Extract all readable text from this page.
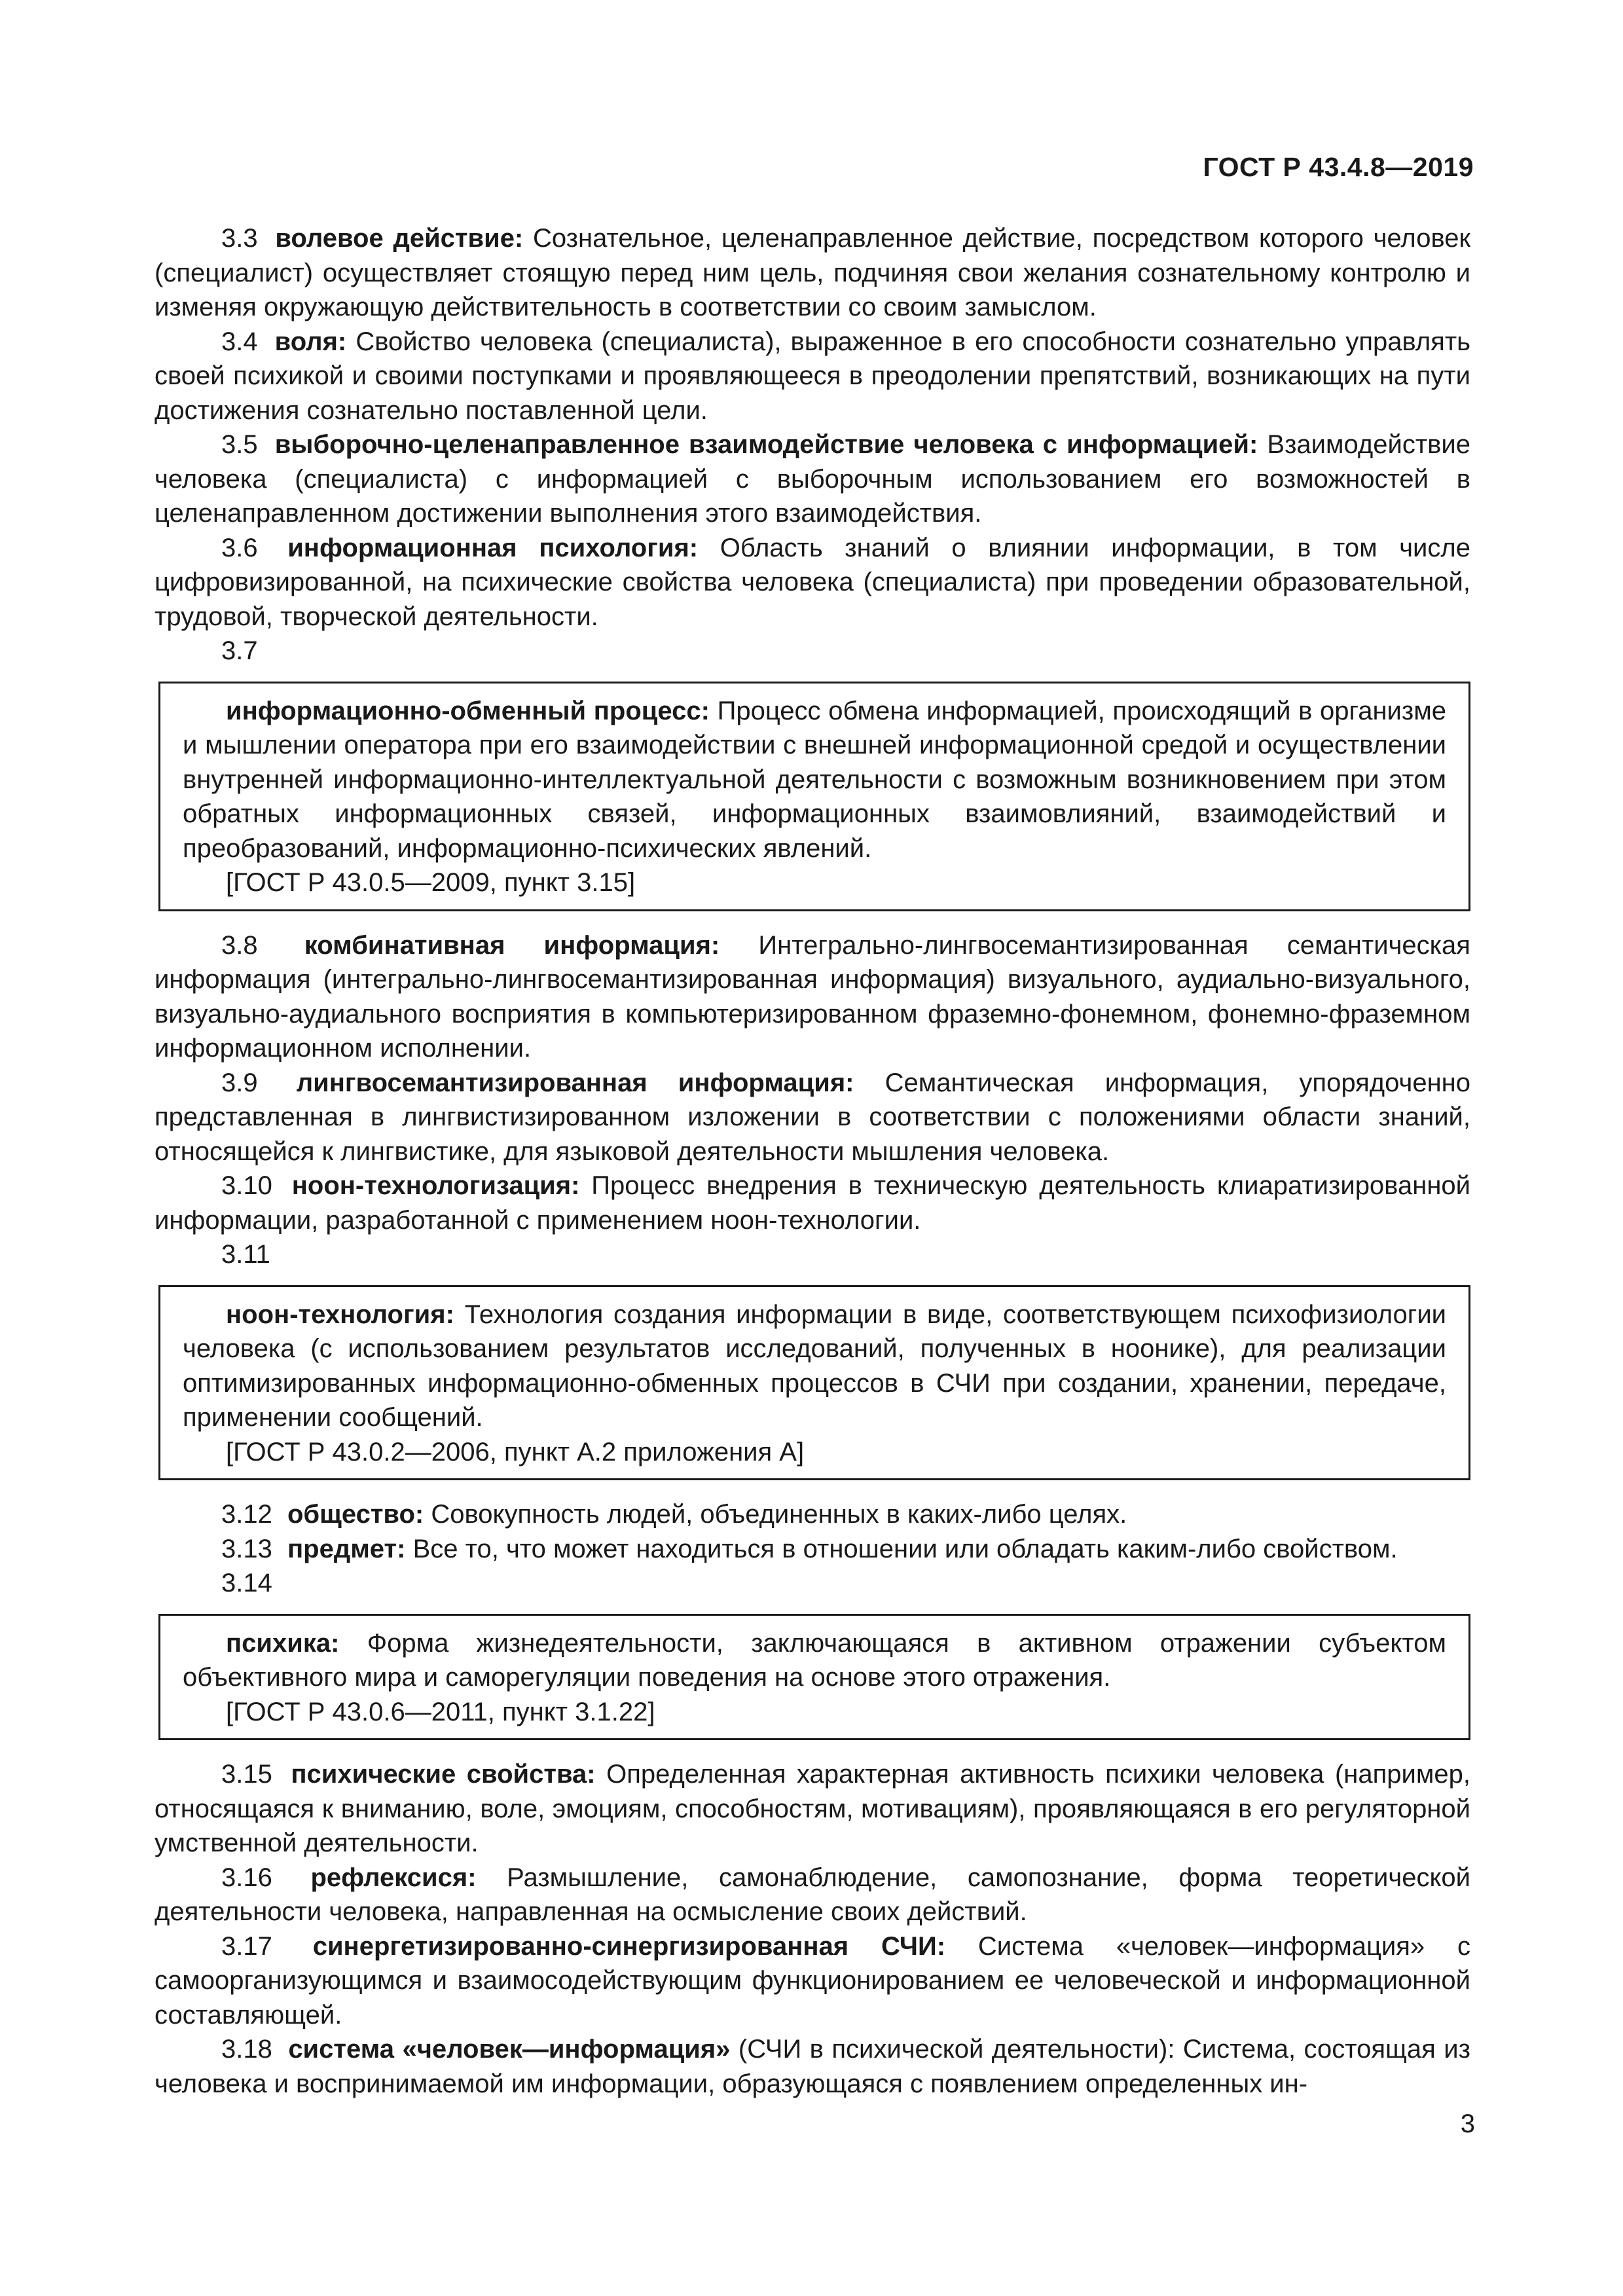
ГОСТ Р 43.4.8—2019

3.3 волевое действие: Сознательное, целенаправленное действие, посредством которого человек (специалист) осуществляет стоящую перед ним цель, подчиняя свои желания сознательному контролю и изменяя окружающую действительность в соответствии со своим замыслом.

3.4 воля: Свойство человека (специалиста), выраженное в его способности сознательно управлять своей психикой и своими поступками и проявляющееся в преодолении препятствий, возникающих на пути достижения сознательно поставленной цели.

3.5 выборочно-целенаправленное взаимодействие человека с информацией: Взаимодействие человека (специалиста) с информацией с выборочным использованием его возможностей в целенаправленном достижении выполнения этого взаимодействия.

3.6 информационная психология: Область знаний о влиянии информации, в том числе цифровизированной, на психические свойства человека (специалиста) при проведении образовательной, трудовой, творческой деятельности.

3.7

информационно-обменный процесс: Процесс обмена информацией, происходящий в организме и мышлении оператора при его взаимодействии с внешней информационной средой и осуществлении внутренней информационно-интеллектуальной деятельности с возможным возникновением при этом обратных информационных связей, информационных взаимовлияний, взаимодействий и преобразований, информационно-психических явлений.

[ГОСТ Р 43.0.5—2009, пункт 3.15]

3.8 комбинативная информация: Интегрально-лингвосемантизированная семантическая информация (интегрально-лингвосемантизированная информация) визуального, аудиально-визуального, визуально-аудиального восприятия в компьютеризированном фраземно-фонемном, фонемно-фраземном информационном исполнении.

3.9 лингвосемантизированная информация: Семантическая информация, упорядоченно представленная в лингвистизированном изложении в соответствии с положениями области знаний, относящейся к лингвистике, для языковой деятельности мышления человека.

3.10 ноон-технологизация: Процесс внедрения в техническую деятельность клиаратизированной информации, разработанной с применением ноон-технологии.

3.11

ноон-технология: Технология создания информации в виде, соответствующем психофизиологии человека (с использованием результатов исследований, полученных в ноонике), для реализации оптимизированных информационно-обменных процессов в СЧИ при создании, хранении, передаче, применении сообщений.

[ГОСТ Р 43.0.2—2006, пункт А.2 приложения А]

3.12 общество: Совокупность людей, объединенных в каких-либо целях.

3.13 предмет: Все то, что может находиться в отношении или обладать каким-либо свойством.

3.14

психика: Форма жизнедеятельности, заключающаяся в активном отражении субъектом объективного мира и саморегуляции поведения на основе этого отражения.

[ГОСТ Р 43.0.6—2011, пункт 3.1.22]

3.15 психические свойства: Определенная характерная активность психики человека (например, относящаяся к вниманию, воле, эмоциям, способностям, мотивациям), проявляющаяся в его регуляторной умственной деятельности.

3.16 рефлексися: Размышление, самонаблюдение, самопознание, форма теоретической деятельности человека, направленная на осмысление своих действий.

3.17 синергетизированно-синергизированная СЧИ: Система «человек—информация» с самоорганизующимся и взаимосодействующим функционированием ее человеческой и информационной составляющей.

3.18 система «человек—информация» (СЧИ в психической деятельности): Система, состоящая из человека и воспринимаемой им информации, образующаяся с появлением определенных ин-

3
